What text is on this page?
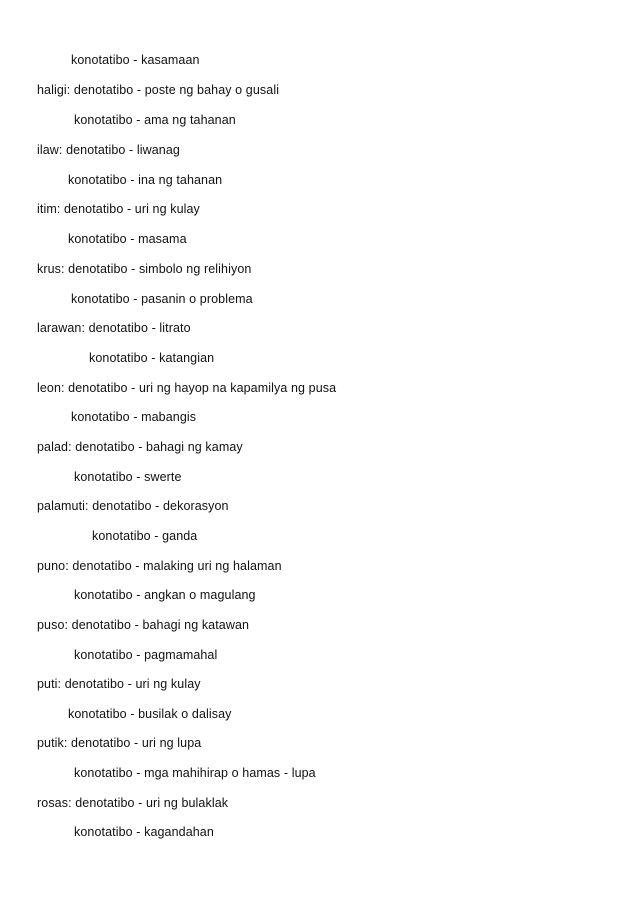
konotatibo - kasamaan
haligi: denotatibo - poste ng bahay o gusali
konotatibo - ama ng tahanan
ilaw: denotatibo - liwanag
konotatibo - ina ng tahanan
itim: denotatibo - uri ng kulay
konotatibo - masama
krus: denotatibo - simbolo ng relihiyon
konotatibo - pasanin o problema
larawan: denotatibo - litrato
konotatibo - katangian
leon: denotatibo - uri ng hayop na kapamilya ng pusa
konotatibo - mabangis
palad: denotatibo - bahagi ng kamay
konotatibo - swerte
palamuti: denotatibo - dekorasyon
konotatibo - ganda
puno: denotatibo - malaking uri ng halaman
konotatibo - angkan o magulang
puso: denotatibo - bahagi ng katawan
konotatibo - pagmamahal
puti: denotatibo - uri ng kulay
konotatibo - busilak o dalisay
putik: denotatibo - uri ng lupa
konotatibo - mga mahihirap o hamas - lupa
rosas: denotatibo - uri ng bulaklak
konotatibo - kagandahan
